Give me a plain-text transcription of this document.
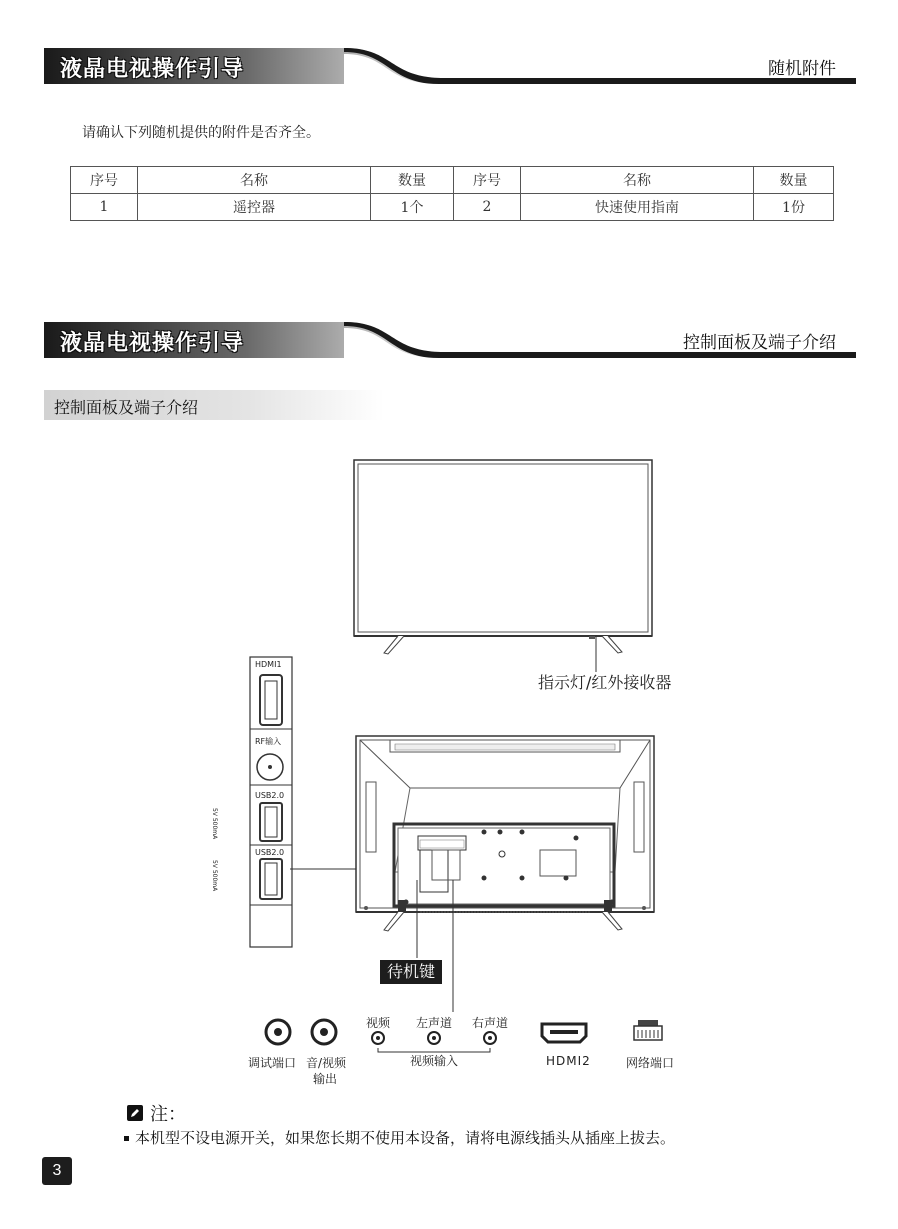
液晶电视操作引导	随机附件
请确认下列随机提供的附件是否齐全。
序号	名称	数量	序号	名称	数量
1	遥控器	1个	2	快速使用指南	1份
液晶电视操作引导	控制面板及端子介绍
控制面板及端子介绍
指示灯/红外接收器
HDMI1
RF输入
USB2.0
USB2.0
5V 500mA
5V 500mA
待机键
视频 左声道 右声道
调试端口 音/视频
输出
视频输入	HDMI2	网络端口
注：
本机型不设电源开关，如果您长期不使用本设备，请将电源线插头从插座上拔去。
3
